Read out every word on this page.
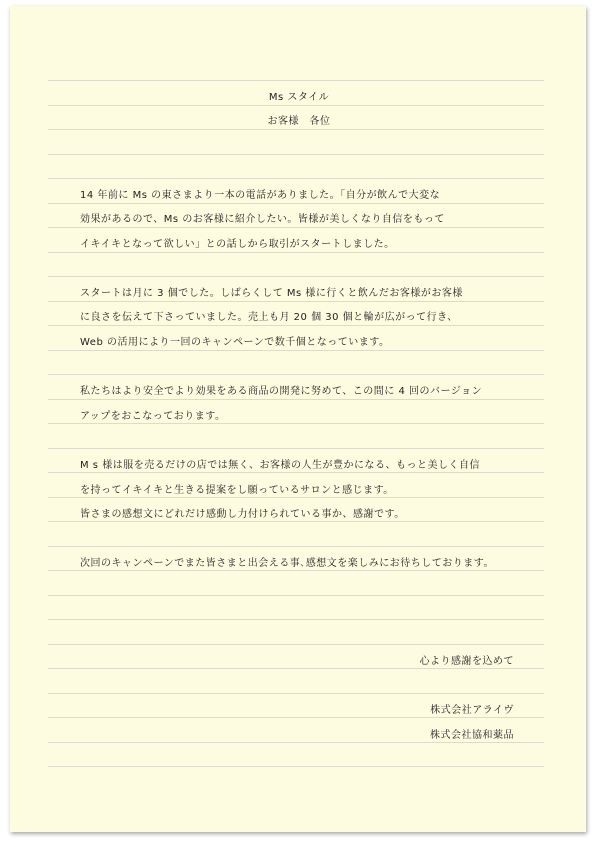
Ms スタイル
お客様　各位
14 年前に Ms の東さまより一本の電話がありました。「自分が飲んで大変な
効果があるので、Ms のお客様に紹介したい。皆様が美しくなり自信をもって
イキイキとなって欲しい」との話しから取引がスタートしました。
スタートは月に 3 個でした。しばらくして Ms 様に行くと飲んだお客様がお客様
に良さを伝えて下さっていました。売上も月 20 個 30 個と輪が広がって行き、
Web の活用により一回のキャンペーンで数千個となっています。
私たちはより安全でより効果をある商品の開発に努めて、この間に 4 回のバージョン
アップをおこなっております。
M s 様は服を売るだけの店では無く、お客様の人生が豊かになる、もっと美しく自信
を持ってイキイキと生きる提案をし願っているサロンと感じます。
皆さまの感想文にどれだけ感動し力付けられている事か、感謝です。
次回のキャンペーンでまた皆さまと出会える事､感想文を楽しみにお待ちしております。
心より感謝を込めて
株式会社アライヴ
株式会社協和薬品
